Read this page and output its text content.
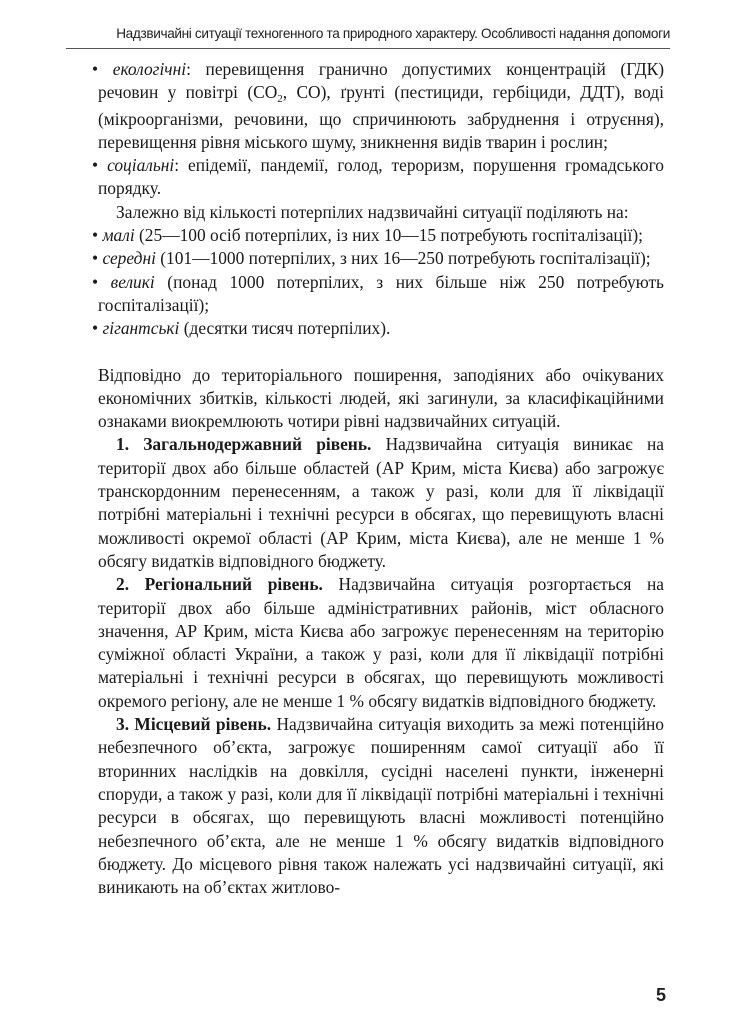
Надзвичайні ситуації техногенного та природного характеру. Особливості надання допомоги

• екологічні: перевищення гранично допустимих концентрацій (ГДК) речовин у повітрі ($СО_2$, СО), ґрунті (пестициди, гербіциди, ДДТ), воді (мікроорганізми, речовини, що спричинюють забруднення і отруєння), перевищення рівня міського шуму, зникнення видів тварин і рослин;

• соціальні: епідемії, пандемії, голод, тероризм, порушення громадського порядку.

Залежно від кількості потерпілих надзвичайні ситуації поділяють на:

• малі (25—100 осіб потерпілих, із них 10—15 потребують госпіталізації);

• середні (101—1000 потерпілих, з них 16—250 потребують госпіталізації);

• великі (понад 1000 потерпілих, з них більше ніж 250 потребують госпіталізації);

• гігантські (десятки тисяч потерпілих).

Відповідно до територіального поширення, заподіяних або очікуваних економічних збитків, кількості людей, які загинули, за класифікаційними ознаками виокремлюють чотири рівні надзвичайних ситуацій.

1. Загальнодержавний рівень. Надзвичайна ситуація виникає на території двох або більше областей (АР Крим, міста Києва) або загрожує транскордонним перенесенням, а також у разі, коли для її ліквідації потрібні матеріальні і технічні ресурси в обсягах, що перевищують власні можливості окремої області (АР Крим, міста Києва), але не менше 1 % обсягу видатків відповідного бюджету.

2. Регіональний рівень. Надзвичайна ситуація розгортається на території двох або більше адміністративних районів, міст обласного значення, АР Крим, міста Києва або загрожує перенесенням на територію суміжної області України, а також у разі, коли для її ліквідації потрібні матеріальні і технічні ресурси в обсягах, що перевищують можливості окремого регіону, але не менше 1 % обсягу видатків відповідного бюджету.

3. Місцевий рівень. Надзвичайна ситуація виходить за межі потенційно небезпечного об’єкта, загрожує поширенням самої ситуації або її вторинних наслідків на довкілля, сусідні населені пункти, інженерні споруди, а також у разі, коли для її ліквідації потрібні матеріальні і технічні ресурси в обсягах, що перевищують власні можливості потенційно небезпечного об’єкта, але не менше 1 % обсягу видатків відповідного бюджету. До місцевого рівня також належать усі надзвичайні ситуації, які виникають на об’єктах житлово-

5
